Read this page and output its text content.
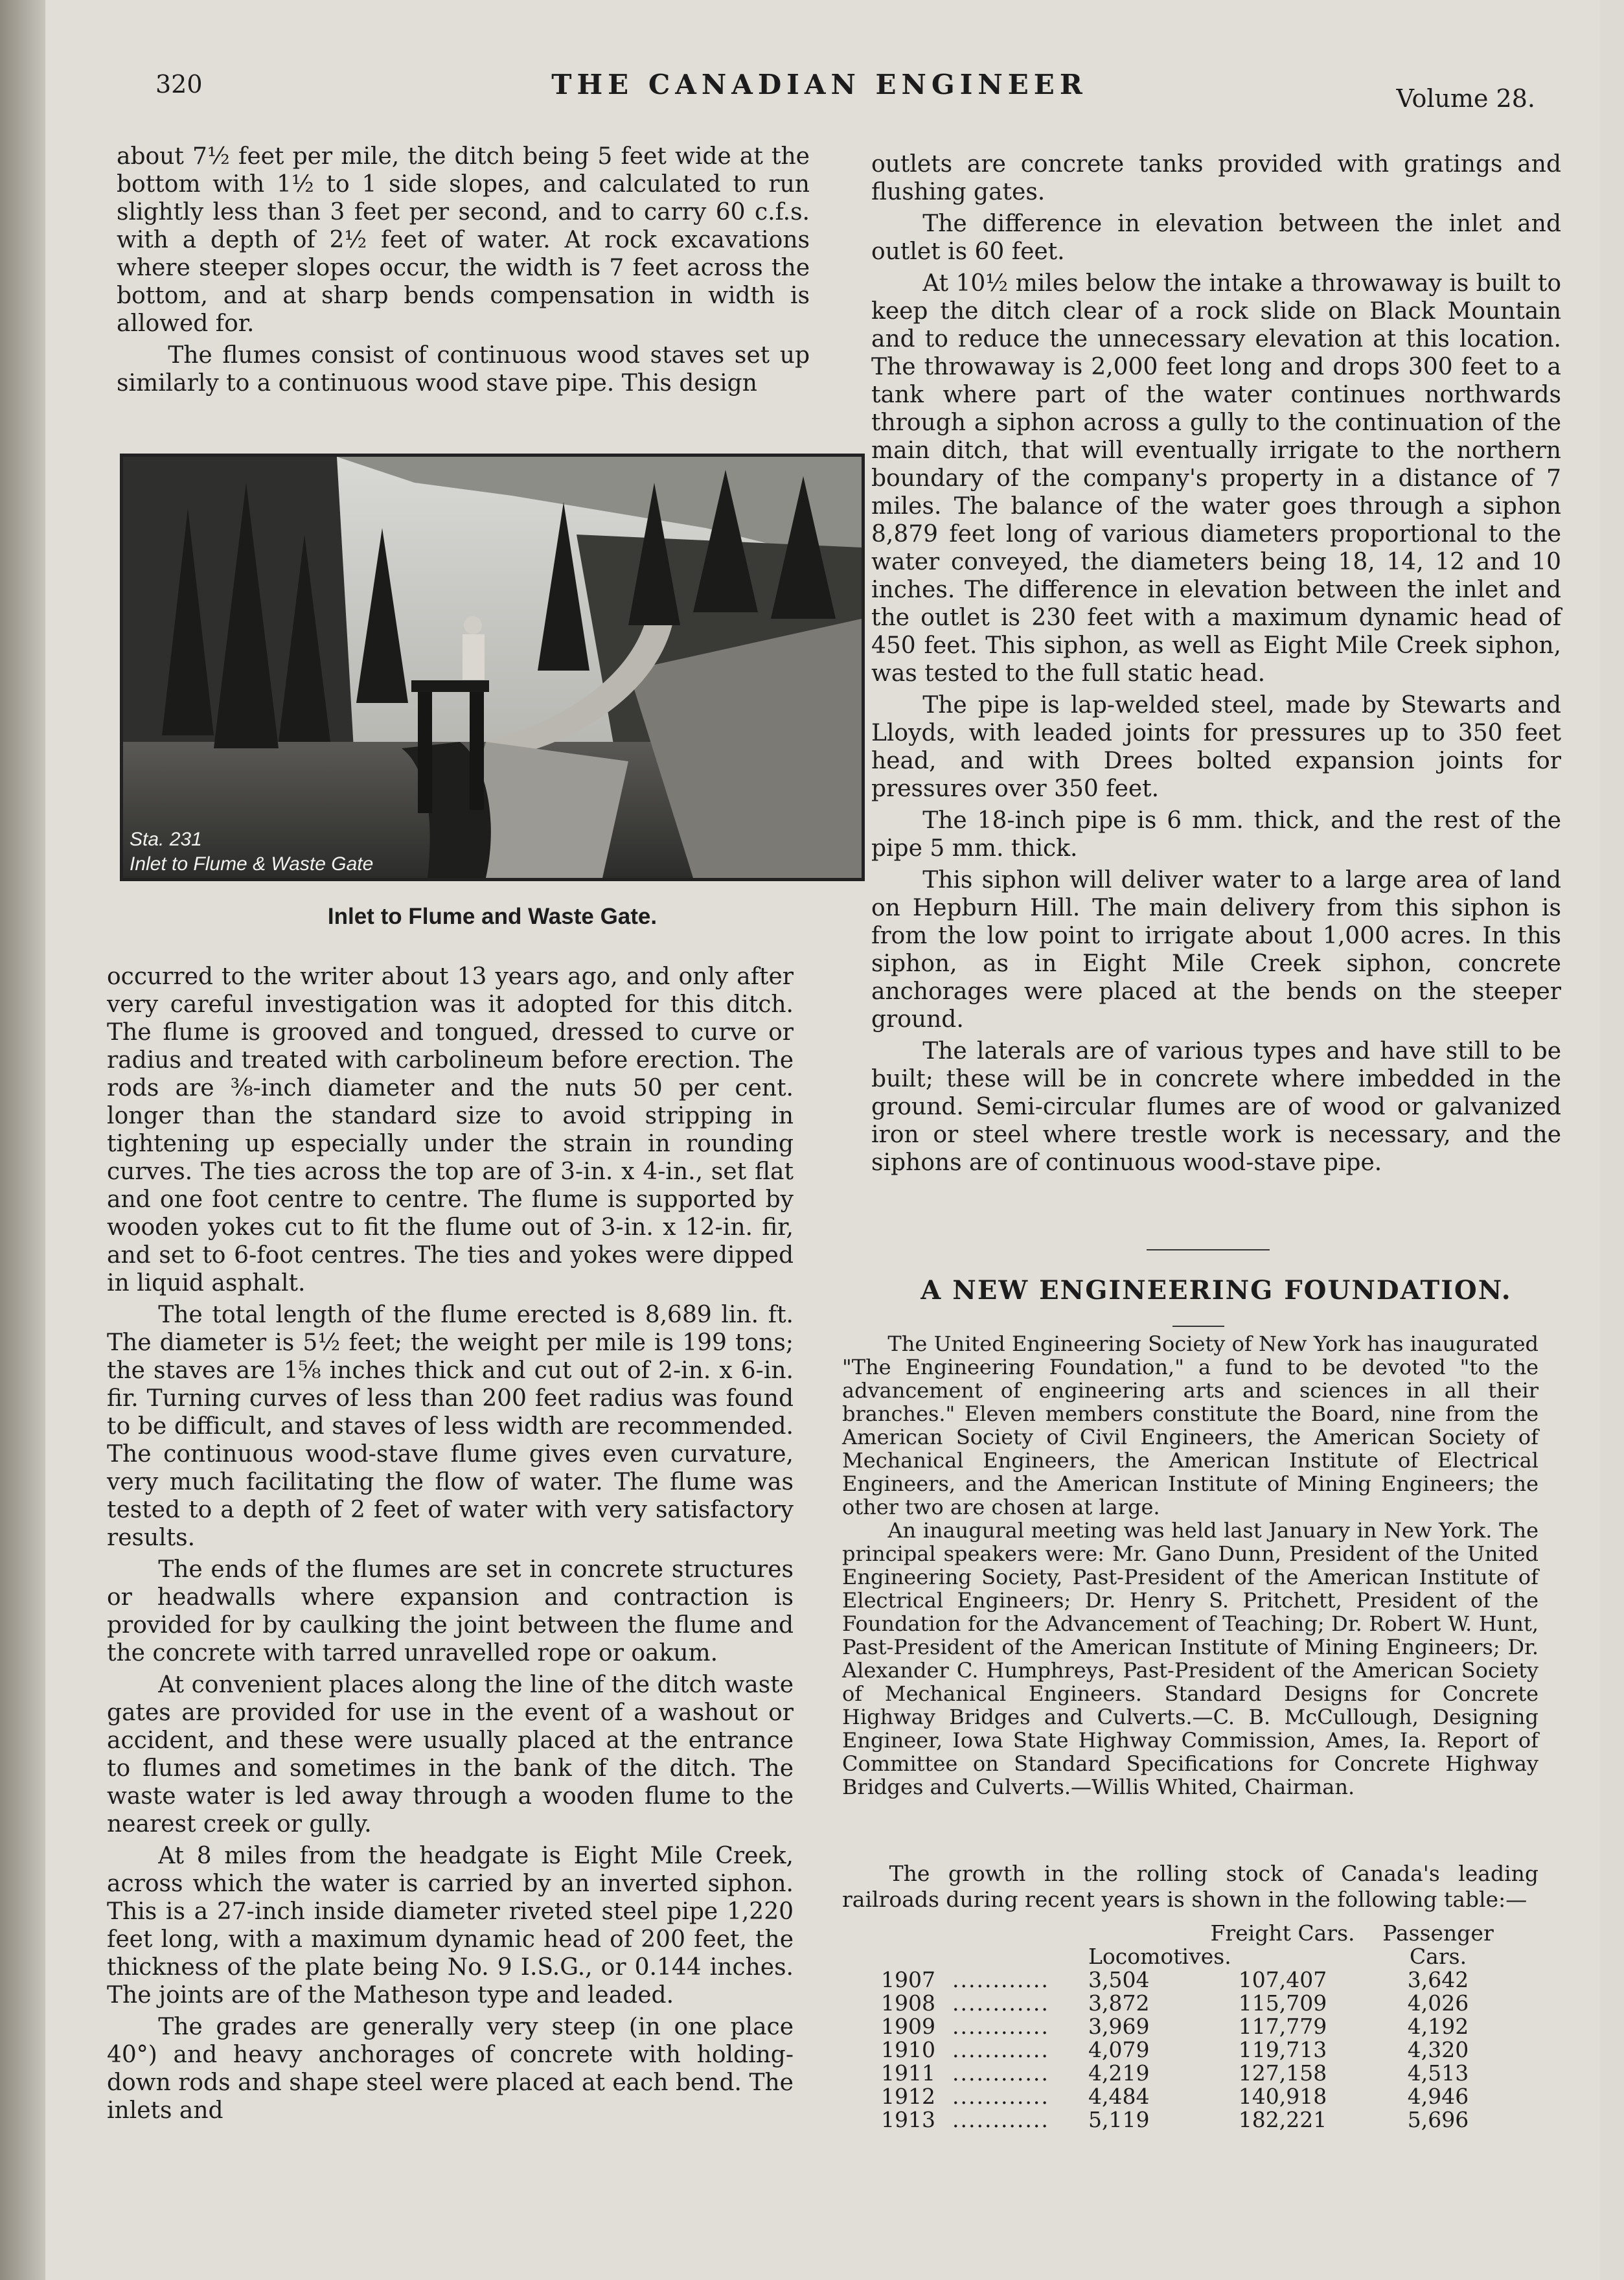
320	THE CANADIAN ENGINEER	Volume 28.

about 7½ feet per mile, the ditch being 5 feet wide at the bottom with 1½ to 1 side slopes, and calculated to run slightly less than 3 feet per second, and to carry 60 c.f.s. with a depth of 2½ feet of water. At rock excavations where steeper slopes occur, the width is 7 feet across the bottom, and at sharp bends compensation in width is allowed for.

The flumes consist of continuous wood staves set up similarly to a continuous wood stave pipe. This design

Sta. 231
Inlet to Flume & Waste Gate
Inlet to Flume and Waste Gate.

occurred to the writer about 13 years ago, and only after very careful investigation was it adopted for this ditch. The flume is grooved and tongued, dressed to curve or radius and treated with carbolineum before erection. The rods are ⅜-inch diameter and the nuts 50 per cent. longer than the standard size to avoid stripping in tightening up especially under the strain in rounding curves. The ties across the top are of 3-in. x 4-in., set flat and one foot centre to centre. The flume is supported by wooden yokes cut to fit the flume out of 3-in. x 12-in. fir, and set to 6-foot centres. The ties and yokes were dipped in liquid asphalt.

The total length of the flume erected is 8,689 lin. ft. The diameter is 5½ feet; the weight per mile is 199 tons; the staves are 1⅝ inches thick and cut out of 2-in. x 6-in. fir. Turning curves of less than 200 feet radius was found to be difficult, and staves of less width are recommended. The continuous wood-stave flume gives even curvature, very much facilitating the flow of water. The flume was tested to a depth of 2 feet of water with very satisfactory results.

The ends of the flumes are set in concrete structures or headwalls where expansion and contraction is provided for by caulking the joint between the flume and the concrete with tarred unravelled rope or oakum.

At convenient places along the line of the ditch waste gates are provided for use in the event of a washout or accident, and these were usually placed at the entrance to flumes and sometimes in the bank of the ditch. The waste water is led away through a wooden flume to the nearest creek or gully.

At 8 miles from the headgate is Eight Mile Creek, across which the water is carried by an inverted siphon. This is a 27-inch inside diameter riveted steel pipe 1,220 feet long, with a maximum dynamic head of 200 feet, the thickness of the plate being No. 9 I.S.G., or 0.144 inches. The joints are of the Matheson type and leaded.

The grades are generally very steep (in one place 40°) and heavy anchorages of concrete with holding-down rods and shape steel were placed at each bend. The inlets and

outlets are concrete tanks provided with gratings and flushing gates.

The difference in elevation between the inlet and outlet is 60 feet.

At 10½ miles below the intake a throwaway is built to keep the ditch clear of a rock slide on Black Mountain and to reduce the unnecessary elevation at this location. The throwaway is 2,000 feet long and drops 300 feet to a tank where part of the water continues northwards through a siphon across a gully to the continuation of the main ditch, that will eventually irrigate to the northern boundary of the company's property in a distance of 7 miles. The balance of the water goes through a siphon 8,879 feet long of various diameters proportional to the water conveyed, the diameters being 18, 14, 12 and 10 inches. The difference in elevation between the inlet and the outlet is 230 feet with a maximum dynamic head of 450 feet. This siphon, as well as Eight Mile Creek siphon, was tested to the full static head.

The pipe is lap-welded steel, made by Stewarts and Lloyds, with leaded joints for pressures up to 350 feet head, and with Drees bolted expansion joints for pressures over 350 feet.

The 18-inch pipe is 6 mm. thick, and the rest of the pipe 5 mm. thick.

This siphon will deliver water to a large area of land on Hepburn Hill. The main delivery from this siphon is from the low point to irrigate about 1,000 acres. In this siphon, as in Eight Mile Creek siphon, concrete anchorages were placed at the bends on the steeper ground.

The laterals are of various types and have still to be built; these will be in concrete where imbedded in the ground. Semi-circular flumes are of wood or galvanized iron or steel where trestle work is necessary, and the siphons are of continuous wood-stave pipe.

A NEW ENGINEERING FOUNDATION.

The United Engineering Society of New York has inaugurated "The Engineering Foundation," a fund to be devoted "to the advancement of engineering arts and sciences in all their branches." Eleven members constitute the Board, nine from the American Society of Civil Engineers, the American Society of Mechanical Engineers, the American Institute of Electrical Engineers, and the American Institute of Mining Engineers; the other two are chosen at large.

An inaugural meeting was held last January in New York. The principal speakers were: Mr. Gano Dunn, President of the United Engineering Society, Past-President of the American Institute of Electrical Engineers; Dr. Henry S. Pritchett, President of the Foundation for the Advancement of Teaching; Dr. Robert W. Hunt, Past-President of the American Institute of Mining Engineers; Dr. Alexander C. Humphreys, Past-President of the American Society of Mechanical Engineers. Standard Designs for Concrete Highway Bridges and Culverts.—C. B. McCullough, Designing Engineer, Iowa State Highway Commission, Ames, Ia. Report of Committee on Standard Specifications for Concrete Highway Bridges and Culverts.—Willis Whited, Chairman.

The growth in the rolling stock of Canada's leading railroads during recent years is shown in the following table:—

Locomotives.
Freight Cars.	Passenger Cars.
1907 ............	3,504	107,407	3,642
1908 ............	3,872	115,709	4,026
1909 ............	3,969	117,779	4,192
1910 ............	4,079	119,713	4,320
1911 ............	4,219	127,158	4,513
1912 ............	4,484	140,918	4,946
1913 ............	5,119	182,221	5,696
